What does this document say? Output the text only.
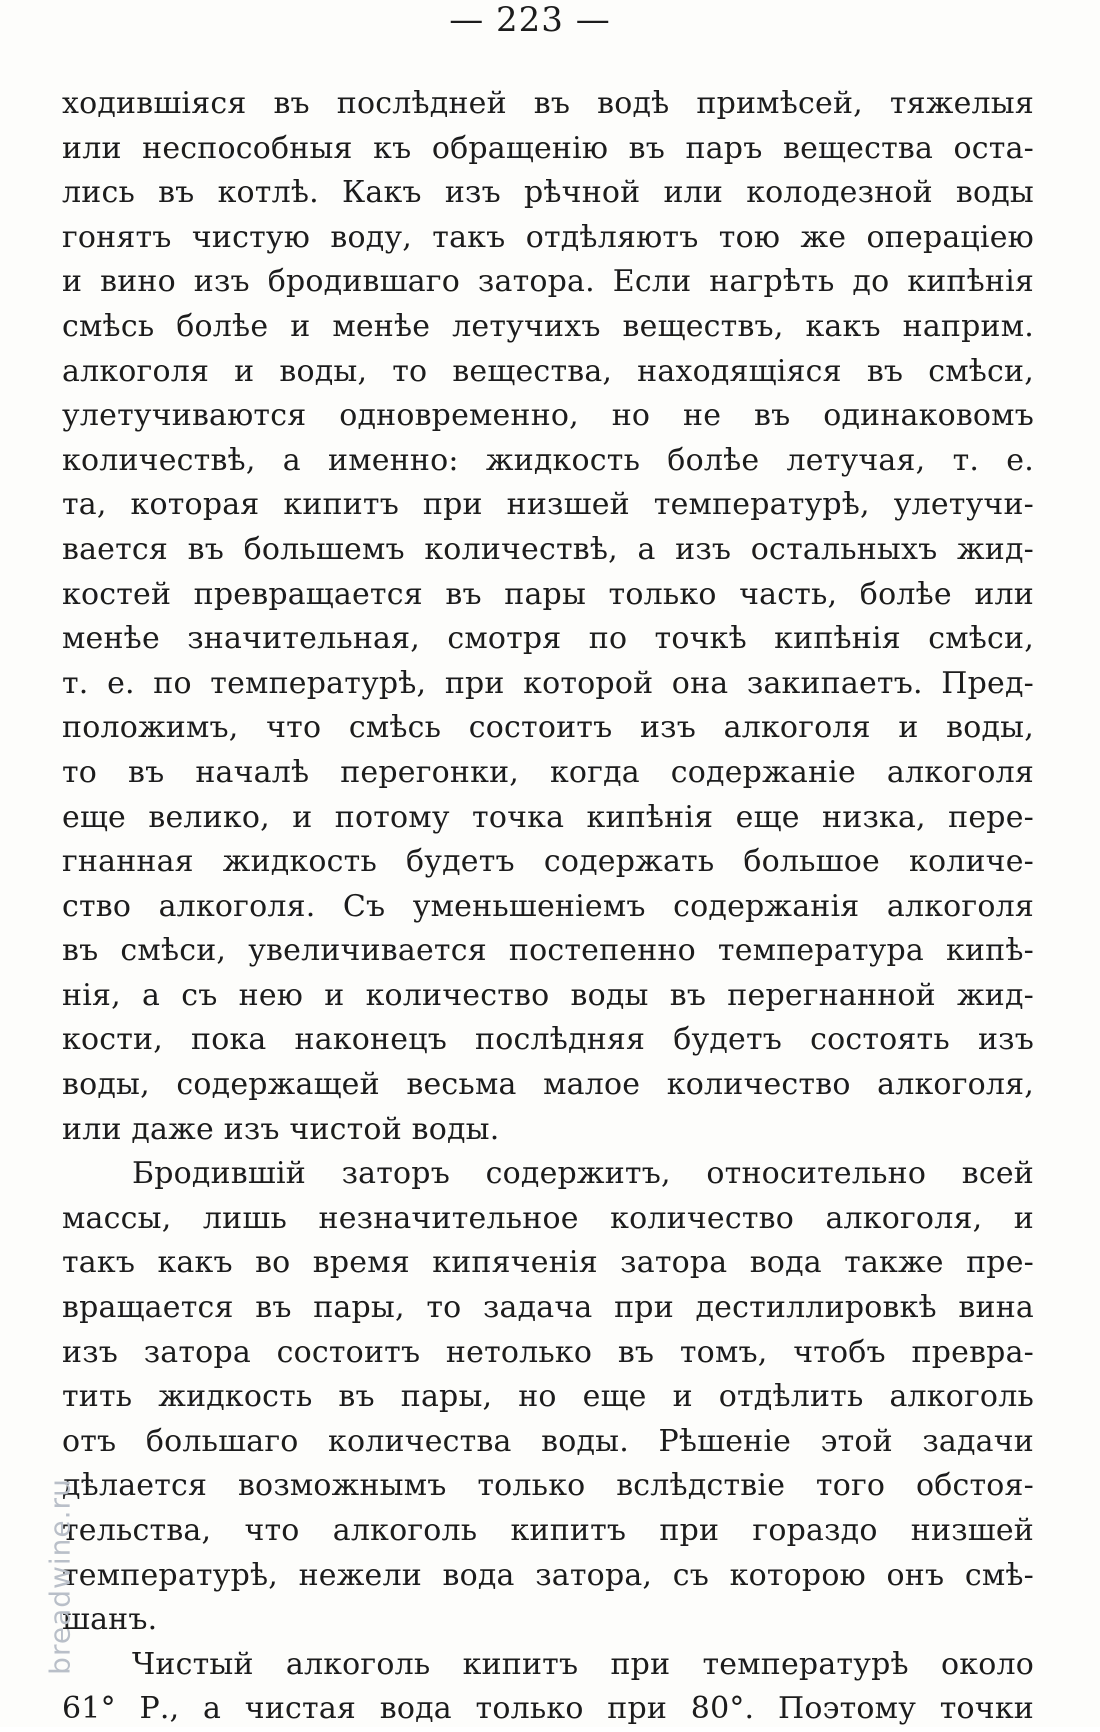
— 223 —
ходившіяся въ послѣдней въ водѣ примѣсей, тяжелыя
или неспособныя къ обращенію въ паръ вещества оста-
лись въ котлѣ. Какъ изъ рѣчной или колодезной воды
гонятъ чистую воду, такъ отдѣляютъ тою же операціею
и вино изъ бродившаго затора. Если нагрѣть до кипѣнія
смѣсь болѣе и менѣе летучихъ веществъ, какъ наприм.
алкоголя и воды, то вещества, находящіяся въ смѣси,
улетучиваются одновременно, но не въ одинаковомъ
количествѣ, а именно: жидкость болѣе летучая, т. е.
та, которая кипитъ при низшей температурѣ, улетучи-
вается въ большемъ количествѣ, а изъ остальныхъ жид-
костей превращается въ пары только часть, болѣе или
менѣе значительная, смотря по точкѣ кипѣнія смѣси,
т. е. по температурѣ, при которой она закипаетъ. Пред-
положимъ, что смѣсь состоитъ изъ алкоголя и воды,
то въ началѣ перегонки, когда содержаніе алкоголя
еще велико, и потому точка кипѣнія еще низка, пере-
гнанная жидкость будетъ содержать большое количе-
ство алкоголя. Съ уменьшеніемъ содержанія алкоголя
въ смѣси, увеличивается постепенно температура кипѣ-
нія, а съ нею и количество воды въ перегнанной жид-
кости, пока наконецъ послѣдняя будетъ состоять изъ
воды, содержащей весьма малое количество алкоголя,
или даже изъ чистой воды.
Бродившій заторъ содержитъ, относительно всей
массы, лишь незначительное количество алкоголя, и
такъ какъ во время кипяченія затора вода также пре-
вращается въ пары, то задача при дестиллировкѣ вина
изъ затора состоитъ нетолько въ томъ, чтобъ превра-
тить жидкость въ пары, но еще и отдѣлить алкоголь
отъ большаго количества воды. Рѣшеніе этой задачи
дѣлается возможнымъ только вслѣдствіе того обстоя-
тельства, что алкоголь кипитъ при гораздо низшей
температурѣ, нежели вода затора, съ которою онъ смѣ-
шанъ.
Чистый алкоголь кипитъ при температурѣ около
61° Р., а чистая вода только при 80°. Поэтому точки
breadwine.ru
